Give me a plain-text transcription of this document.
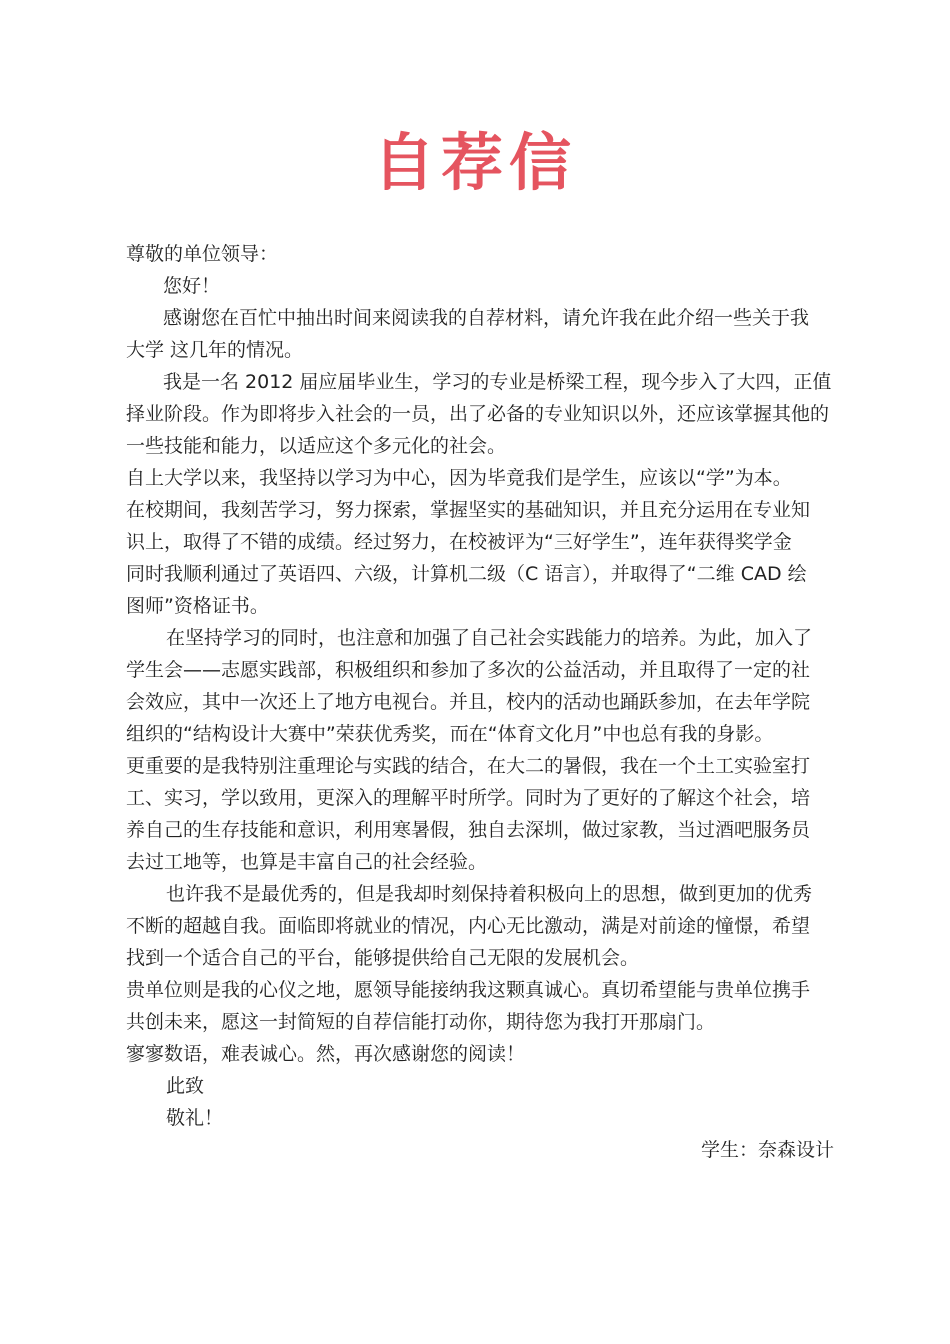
自荐信
尊敬的单位领导：
您好！
感谢您在百忙中抽出时间来阅读我的自荐材料，请允许我在此介绍一些关于我
大学 这几年的情况。
我是一名 2012 届应届毕业生，学习的专业是桥梁工程，现今步入了大四，正值
择业阶段。作为即将步入社会的一员，出了必备的专业知识以外，还应该掌握其他的
一些技能和能力，以适应这个多元化的社会。
自上大学以来，我坚持以学习为中心，因为毕竟我们是学生，应该以“学”为本。
在校期间，我刻苦学习，努力探索，掌握坚实的基础知识，并且充分运用在专业知
识上，取得了不错的成绩。经过努力，在校被评为“三好学生”，连年获得奖学金
同时我顺利通过了英语四、六级，计算机二级（C 语言），并取得了“二维 CAD 绘
图师”资格证书。
在坚持学习的同时，也注意和加强了自己社会实践能力的培养。为此，加入了
学生会——志愿实践部，积极组织和参加了多次的公益活动，并且取得了一定的社
会效应，其中一次还上了地方电视台。并且，校内的活动也踊跃参加，在去年学院
组织的“结构设计大赛中”荣获优秀奖，而在“体育文化月”中也总有我的身影。
更重要的是我特别注重理论与实践的结合，在大二的暑假，我在一个土工实验室打
工、实习，学以致用，更深入的理解平时所学。同时为了更好的了解这个社会，培
养自己的生存技能和意识，利用寒暑假，独自去深圳，做过家教，当过酒吧服务员
去过工地等，也算是丰富自己的社会经验。
也许我不是最优秀的，但是我却时刻保持着积极向上的思想，做到更加的优秀
不断的超越自我。面临即将就业的情况，内心无比激动，满是对前途的憧憬，希望
找到一个适合自己的平台，能够提供给自己无限的发展机会。
贵单位则是我的心仪之地，愿领导能接纳我这颗真诚心。真切希望能与贵单位携手
共创未来，愿这一封简短的自荐信能打动你，期待您为我打开那扇门。
寥寥数语，难表诚心。然，再次感谢您的阅读！
此致
敬礼！
学生：奈森设计
